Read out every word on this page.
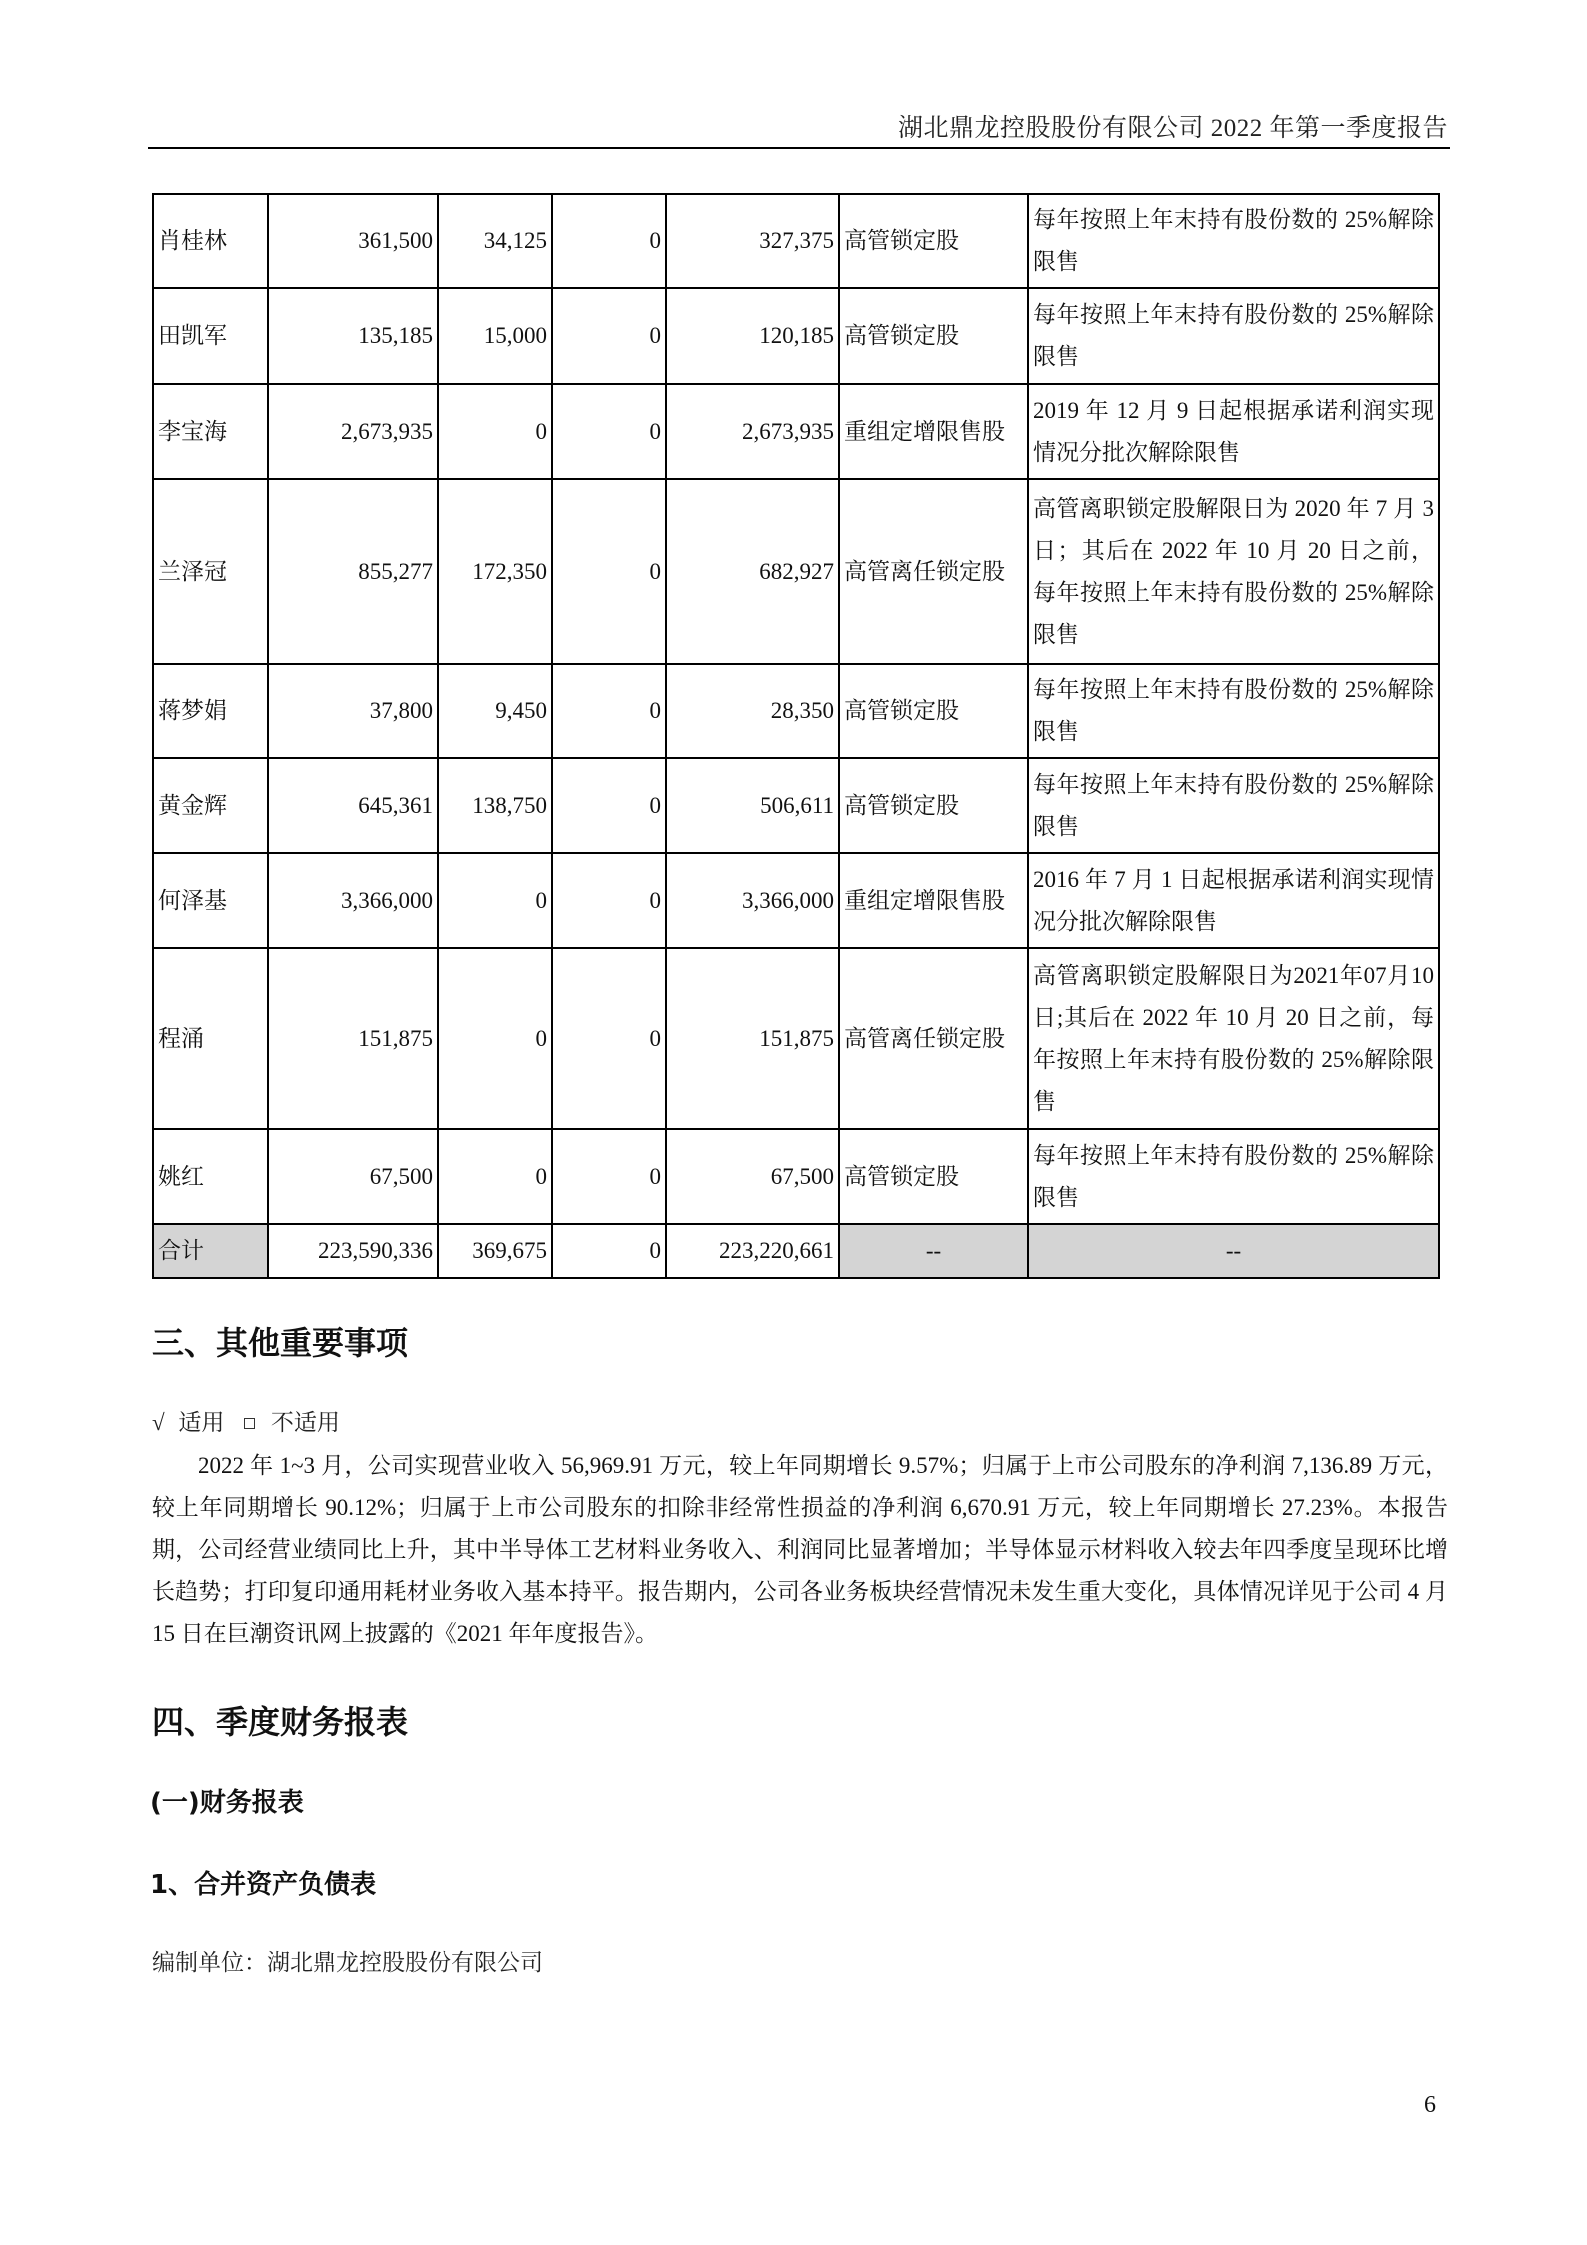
湖北鼎龙控股股份有限公司 2022 年第一季度报告
肖桂林	361,500	34,125	0	327,375	高管锁定股	每年按照上年末持有股份数的 25%解除限售
田凯军	135,185	15,000	0	120,185	高管锁定股	每年按照上年末持有股份数的 25%解除限售
李宝海	2,673,935	0	0	2,673,935	重组定增限售股	2019 年 12 月 9 日起根据承诺利润实现情况分批次解除限售
兰泽冠	855,277	172,350	0	682,927	高管离任锁定股	高管离职锁定股解限日为 2020 年 7 月 3 日；其后在 2022 年 10 月 20 日之前，每年按照上年末持有股份数的 25%解除限售
蒋梦娟	37,800	9,450	0	28,350	高管锁定股	每年按照上年末持有股份数的 25%解除限售
黄金辉	645,361	138,750	0	506,611	高管锁定股	每年按照上年末持有股份数的 25%解除限售
何泽基	3,366,000	0	0	3,366,000	重组定增限售股	2016 年 7 月 1 日起根据承诺利润实现情况分批次解除限售
程涌	151,875	0	0	151,875	高管离任锁定股	高管离职锁定股解限日为2021年07月10日;其后在 2022 年 10 月 20 日之前，每年按照上年末持有股份数的 25%解除限售
姚红	67,500	0	0	67,500	高管锁定股	每年按照上年末持有股份数的 25%解除限售
合计	223,590,336	369,675	0	223,220,661	--	--
三、其他重要事项
√ 适用 不适用
2022 年 1~3 月，公司实现营业收入 56,969.91 万元，较上年同期增长 9.57%；归属于上市公司股东的净利润 7,136.89 万元，较上年同期增长 90.12%；归属于上市公司股东的扣除非经常性损益的净利润 6,670.91 万元，较上年同期增长 27.23%。本报告期，公司经营业绩同比上升，其中半导体工艺材料业务收入、利润同比显著增加；半导体显示材料收入较去年四季度呈现环比增长趋势；打印复印通用耗材业务收入基本持平。报告期内，公司各业务板块经营情况未发生重大变化，具体情况详见于公司 4 月 15 日在巨潮资讯网上披露的《2021 年年度报告》。
四、季度财务报表
(一)财务报表
1、合并资产负债表
编制单位：湖北鼎龙控股股份有限公司
6
